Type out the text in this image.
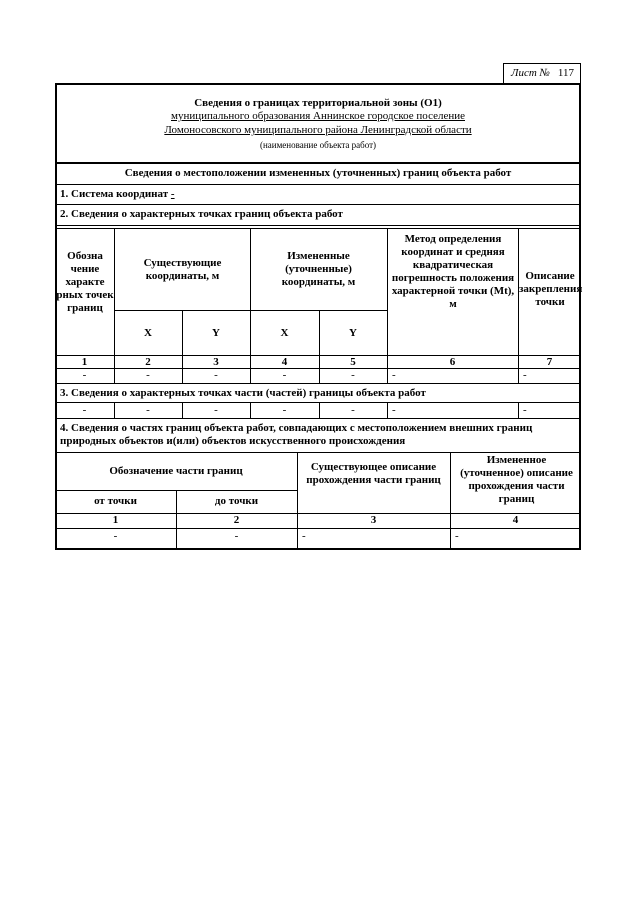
Лист № 117
Сведения о границах территориальной зоны (О1)
муниципального образования Аннинское городское поселение
Ломоносовского муниципального района Ленинградской области
(наименование объекта работ)
Сведения о местоположении измененных (уточненных) границ объекта работ
1. Система координат -
2. Сведения о характерных точках границ объекта работ
Обозна чение характе рных точек границ
Существующие координаты, м
Измененные (уточненные) координаты, м
Метод определения координат и средняя квадратическая погрешность положения характерной точки (Mt), м
Описание закрепления точки
X	Y	X	Y
1	2	3	4	5	6	7
-	-	-	-	-	-	-
3. Сведения о характерных точках части (частей) границы объекта работ
-	-	-	-	-	-	-
4. Сведения о частях границ объекта работ, совпадающих с местоположением внешних границ природных объектов и(или) объектов искусственного происхождения
Обозначение части границ
от точки	до точки
Существующее описание прохождения части границ
Измененное (уточненное) описание прохождения части границ
1	2	3	4
-	-	-	-
